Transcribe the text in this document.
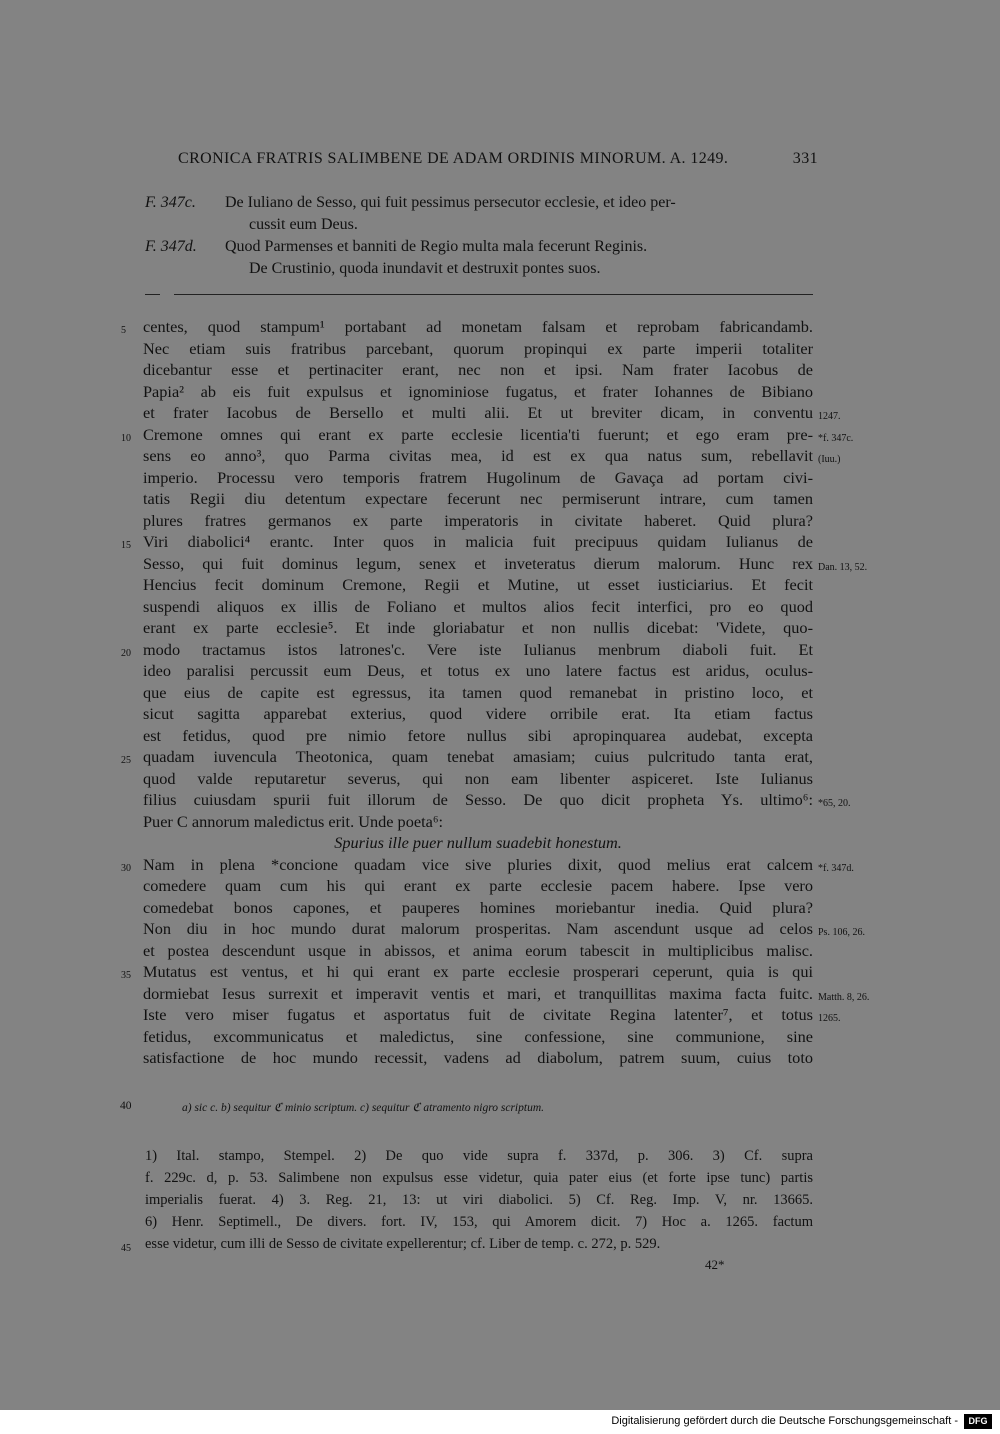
CRONICA FRATRIS SALIMBENE DE ADAM ORDINIS MINORUM. A. 1249.	331
F. 347c. De Iuliano de Sesso, qui fuit pessimus persecutor ecclesie, et ideo per-
cussit eum Deus.
F. 347d. Quod Parmenses et banniti de Regio multa mala fecerunt Reginis.
De Crustinio, quoda inundavit et destruxit pontes suos.
centes, quod stampum¹ portabant ad monetam falsam et reprobam fabricandamb.
5
Nec etiam suis fratribus parcebant, quorum propinqui ex parte imperii totaliter
dicebantur esse et pertinaciter erant, nec non et ipsi. Nam frater Iacobus de
Papia² ab eis fuit expulsus et ignominiose fugatus, et frater Iohannes de Bibiano
et frater Iacobus de Bersello et multi alii. Et ut breviter dicam, in conventu 1247.
Cremone omnes qui erant ex parte ecclesie licentia'ti fuerunt; et ego eram pre-
10	*f. 347c.
sens eo anno³, quo Parma civitas mea, id est ex qua natus sum, rebellavit (Iuu.)
imperio. Processu vero temporis fratrem Hugolinum de Gavaça ad portam civi-
tatis Regii diu detentum expectare fecerunt nec permiserunt intrare, cum tamen
plures fratres germanos ex parte imperatoris in civitate haberet. Quid plura?
Viri diabolici⁴ erantc. Inter quos in malicia fuit precipuus quidam Iulianus de
15
Sesso, qui fuit dominus legum, senex et inveteratus dierum malorum. Hunc rex Dan. 13, 52.
Hencius fecit dominum Cremone, Regii et Mutine, ut esset iusticiarius. Et fecit
suspendi aliquos ex illis de Foliano et multos alios fecit interfici, pro eo quod
erant ex parte ecclesie⁵. Et inde gloriabatur et non nullis dicebat: 'Videte, quo-
modo tractamus istos latrones'c. Vere iste Iulianus menbrum diaboli fuit. Et
20
ideo paralisi percussit eum Deus, et totus ex uno latere factus est aridus, oculus-
que eius de capite est egressus, ita tamen quod remanebat in pristino loco, et
sicut sagitta apparebat exterius, quod videre orribile erat. Ita etiam factus
est fetidus, quod pre nimio fetore nullus sibi apropinquarea audebat, excepta
quadam iuvencula Theotonica, quam tenebat amasiam; cuius pulcritudo tanta erat,
25
quod valde reputaretur severus, qui non eam libenter aspiceret. Iste Iulianus
filius cuiusdam spurii fuit illorum de Sesso. De quo dicit propheta Ys. ultimo⁶: *65, 20.
Puer C annorum maledictus erit. Unde poeta⁶:
Spurius ille puer nullum suadebit honestum.
Nam in plena *concione quadam vice sive pluries dixit, quod melius erat calcem
30	*f. 347d.
comedere quam cum his qui erant ex parte ecclesie pacem habere. Ipse vero
comedebat bonos capones, et pauperes homines moriebantur inedia. Quid plura?
Non diu in hoc mundo durat malorum prosperitas. Nam ascendunt usque ad celos Ps. 106, 26.
et postea descendunt usque in abissos, et anima eorum tabescit in multiplicibus malisc.
Mutatus est ventus, et hi qui erant ex parte ecclesie prosperari ceperunt, quia is qui
35
dormiebat Iesus surrexit et imperavit ventis et mari, et tranquillitas maxima facta fuitc. Matth. 8, 26.
Iste vero miser fugatus et asportatus fuit de civitate Regina latenter⁷, et totus 1265.
fetidus, excommunicatus et maledictus, sine confessione, sine communione, sine
satisfactione de hoc mundo recessit, vadens ad diabolum, patrem suum, cuius toto
40	a) sic c. b) sequitur ℭ minio scriptum. c) sequitur ℭ atramento nigro scriptum.
1) Ital. stampo, Stempel. 2) De quo vide supra f. 337d, p. 306. 3) Cf. supra
f. 229c. d, p. 53. Salimbene non expulsus esse videtur, quia pater eius (et forte ipse tunc) partis
imperialis fuerat. 4) 3. Reg. 21, 13: ut viri diabolici. 5) Cf. Reg. Imp. V, nr. 13665.
6) Henr. Septimell., De divers. fort. IV, 153, qui Amorem dicit. 7) Hoc a. 1265. factum
esse videtur, cum illi de Sesso de civitate expellerentur; cf. Liber de temp. c. 272, p. 529.
45
42*
Digitalisierung gefördert durch die Deutsche Forschungsgemeinschaft -	DFG
